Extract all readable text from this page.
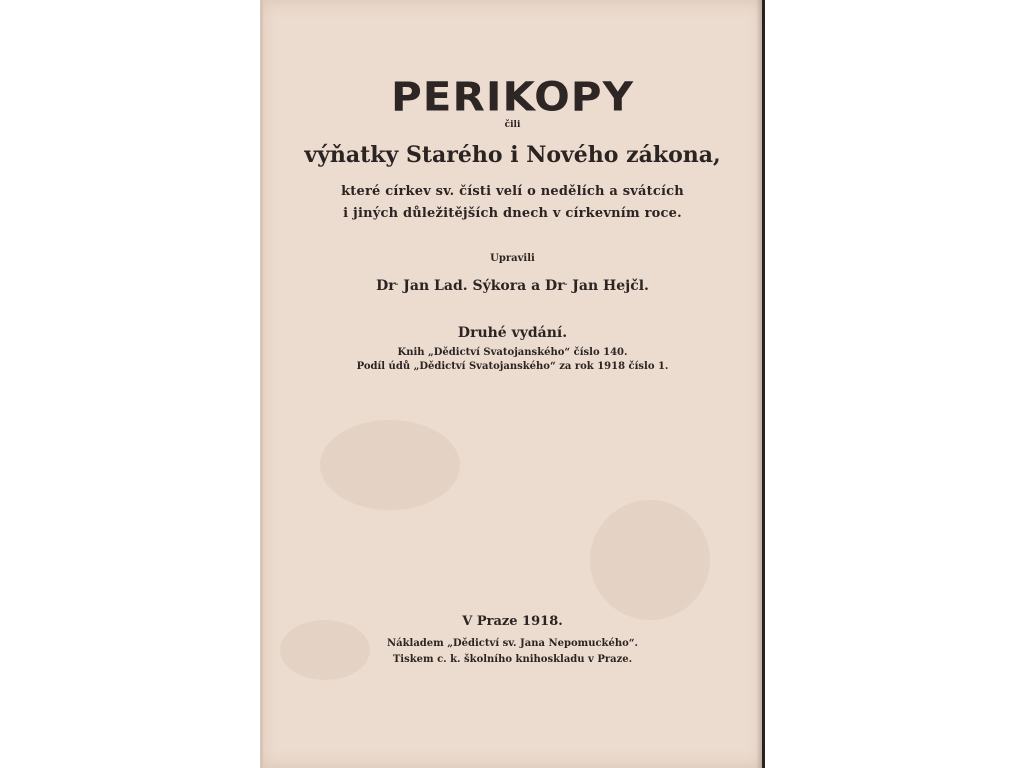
PERIKOPY
čili
výňatky Starého i Nového zákona,
které církev sv. čísti velí o nedělích a svátcích
i jiných důležitějších dnech v církevním roce.
Upravili
Dr. Jan Lad. Sýkora a Dr. Jan Hejčl.
Druhé vydání.
Knih „Dědictví Svatojanského“ číslo 140.
Podíl údů „Dědictví Svatojanského“ za rok 1918 číslo 1.
V Praze 1918.
Nákladem „Dědictví sv. Jana Nepomuckého“.
Tiskem c. k. školního knihoskladu v Praze.
